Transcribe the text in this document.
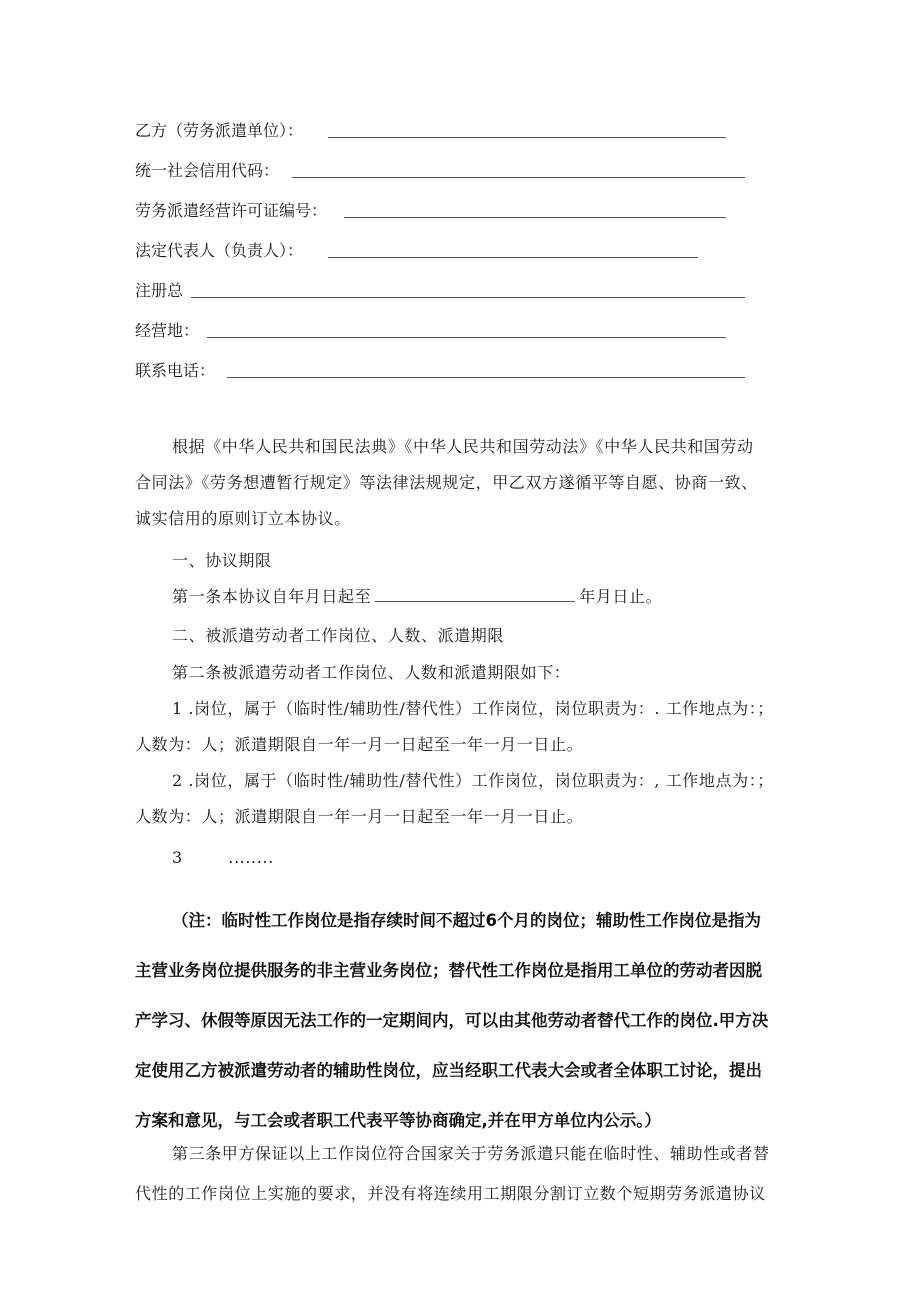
乙方（劳务派遣单位）：
统一社会信用代码：
劳务派遣经营许可证编号：
法定代表人（负责人）：
注册总
经营地：
联系电话：
根据《中华人民共和国民法典》《中华人民共和国劳动法》《中华人民共和国劳动
合同法》《劳务想遭暂行规定》等法律法规规定，甲乙双方遂循平等自愿、协商一致、
诚实信用的原则订立本协议。
一、协议期限
第一条本协议自年月日起至	年月日止。
二、被派遣劳动者工作岗位、人数、派遣期限
第二条被派遣劳动者工作岗位、人数和派遣期限如下：
1 .岗位，属于（临时性/辅助性/替代性）工作岗位，岗位职责为：. 工作地点为：；
人数为：人；派遣期限自一年一月一日起至一年一月一日止。
2 .岗位，属于（临时性/辅助性/替代性）工作岗位，岗位职责为：, 工作地点为：；
人数为：人；派遣期限自一年一月一日起至一年一月一日止。
3        ........
（注：临时性工作岗位是指存续时间不超过6个月的岗位；辅助性工作岗位是指为
主营业务岗位提供服务的非主营业务岗位；替代性工作岗位是指用工单位的劳动者因脱
产学习、休假等原因无法工作的一定期间内，可以由其他劳动者替代工作的岗位.甲方决
定使用乙方被派遣劳动者的辅助性岗位，应当经职工代表大会或者全体职工讨论，提出
方案和意见，与工会或者职工代表平等协商确定,并在甲方单位内公示。）
第三条甲方保证以上工作岗位符合国家关于劳务派遣只能在临时性、辅助性或者替
代性的工作岗位上实施的要求，并没有将连续用工期限分割订立数个短期劳务派遣协议
